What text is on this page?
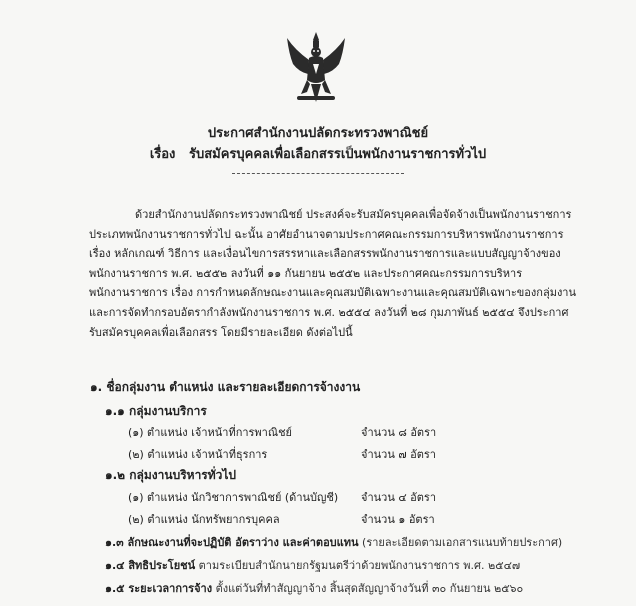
ประกาศสำนักงานปลัดกระทรวงพาณิชย์
เรื่อง รับสมัครบุคคลเพื่อเลือกสรรเป็นพนักงานราชการทั่วไป
ด้วยสำนักงานปลัดกระทรวงพาณิชย์ ประสงค์จะรับสมัครบุคคลเพื่อจัดจ้างเป็นพนักงานราชการ
ประเภทพนักงานราชการทั่วไป ฉะนั้น อาศัยอำนาจตามประกาศคณะกรรมการบริหารพนักงานราชการ
เรื่อง หลักเกณฑ์ วิธีการ และเงื่อนไขการสรรหาและเลือกสรรพนักงานราชการและแบบสัญญาจ้างของ
พนักงานราชการ พ.ศ. ๒๕๕๒ ลงวันที่ ๑๑ กันยายน ๒๕๕๒ และประกาศคณะกรรมการบริหาร
พนักงานราชการ เรื่อง การกำหนดลักษณะงานและคุณสมบัติเฉพาะงานและคุณสมบัติเฉพาะของกลุ่มงาน
และการจัดทำกรอบอัตรากำลังพนักงานราชการ พ.ศ. ๒๕๕๔ ลงวันที่ ๒๘ กุมภาพันธ์ ๒๕๕๔ จึงประกาศ
รับสมัครบุคคลเพื่อเลือกสรร โดยมีรายละเอียด ดังต่อไปนี้
๑. ชื่อกลุ่มงาน ตำแหน่ง และรายละเอียดการจ้างงาน
๑.๑ กลุ่มงานบริการ
(๑) ตำแหน่ง เจ้าหน้าที่การพาณิชย์	จำนวน ๘ อัตรา
(๒) ตำแหน่ง เจ้าหน้าที่ธุรการ	จำนวน ๗ อัตรา
๑.๒ กลุ่มงานบริหารทั่วไป
(๑) ตำแหน่ง นักวิชาการพาณิชย์ (ด้านบัญชี) จำนวน ๔ อัตรา
(๒) ตำแหน่ง นักทรัพยากรบุคคล	จำนวน ๑ อัตรา
๑.๓ ลักษณะงานที่จะปฏิบัติ อัตราว่าง และค่าตอบแทน (รายละเอียดตามเอกสารแนบท้ายประกาศ)
๑.๔ สิทธิประโยชน์ ตามระเบียบสำนักนายกรัฐมนตรีว่าด้วยพนักงานราชการ พ.ศ. ๒๕๔๗
๑.๕ ระยะเวลาการจ้าง ตั้งแต่วันที่ทำสัญญาจ้าง สิ้นสุดสัญญาจ้างวันที่ ๓๐ กันยายน ๒๕๖๐
